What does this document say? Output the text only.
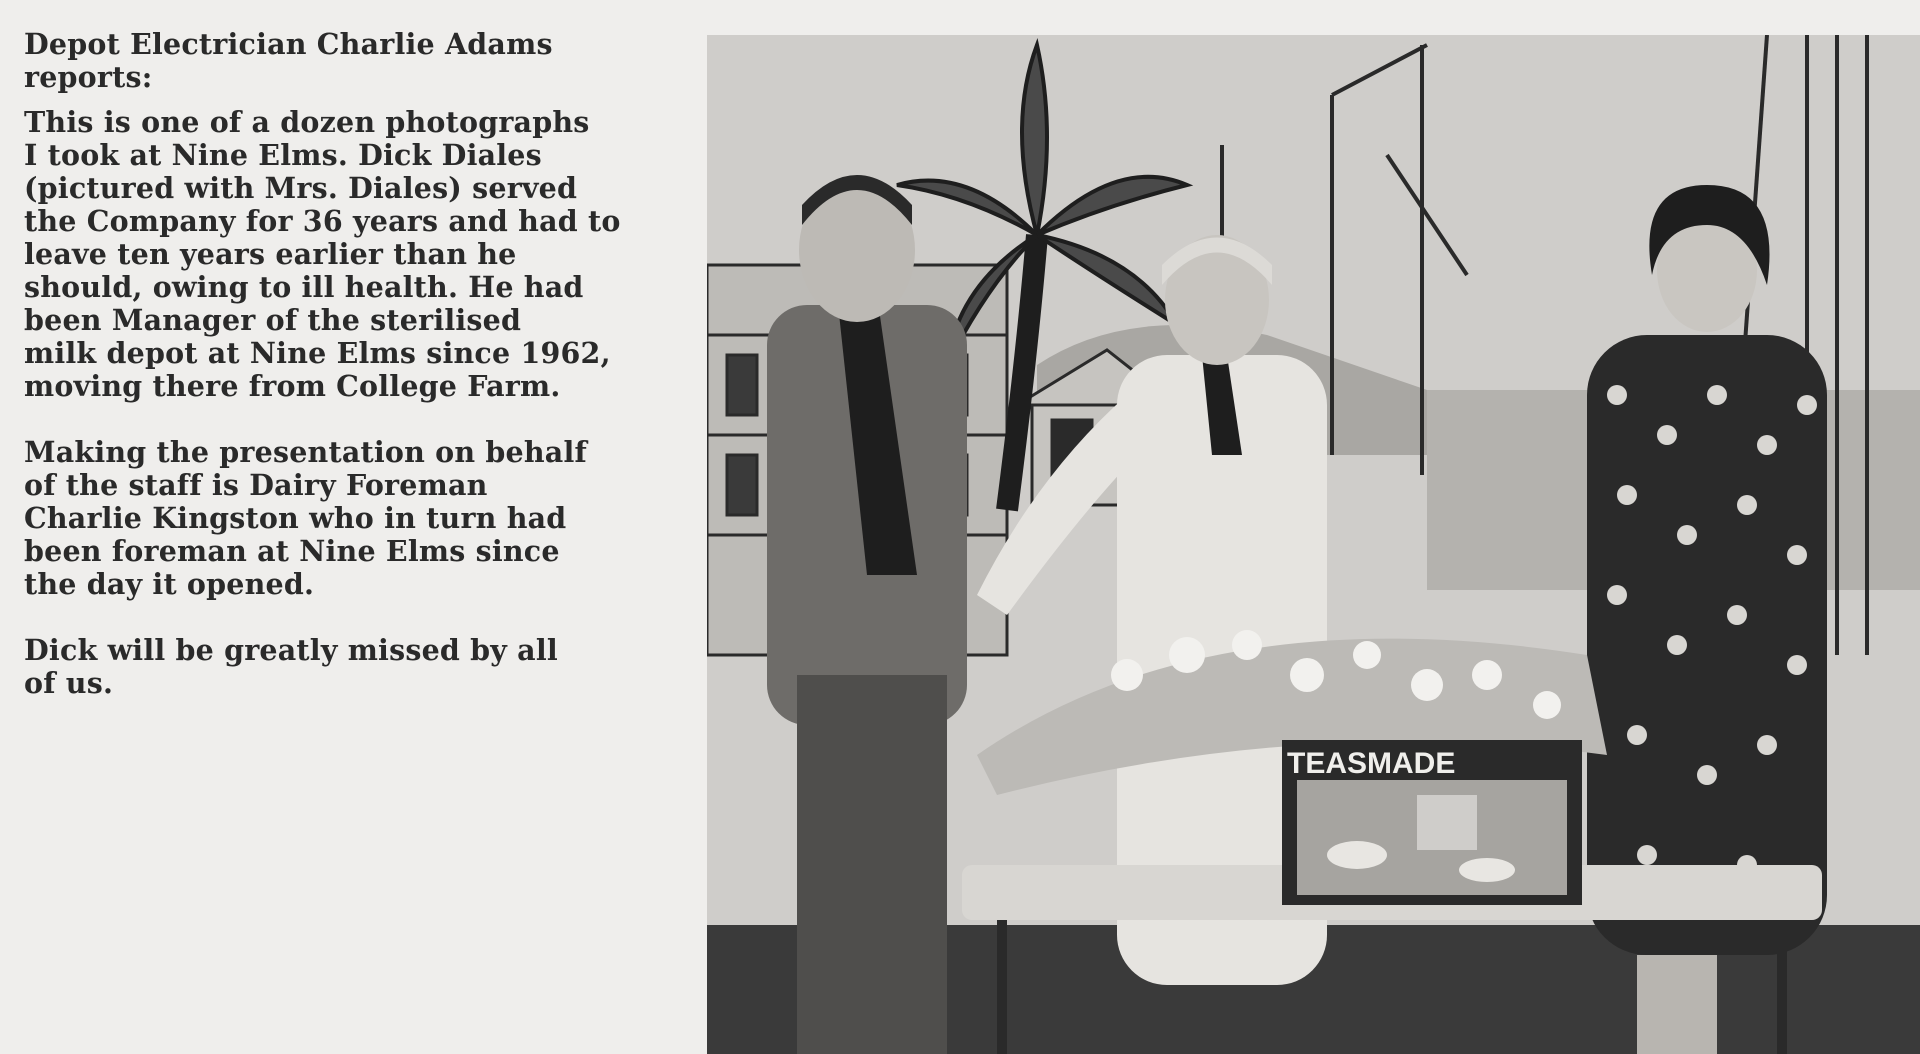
Depot Electrician Charlie Adams
reports:

This is one of a dozen photographs
I took at Nine Elms. Dick Diales
(pictured with Mrs. Diales) served
the Company for 36 years and had to
leave ten years earlier than he
should, owing to ill health. He had
been Manager of the sterilised
milk depot at Nine Elms since 1962,
moving there from College Farm.

Making the presentation on behalf
of the staff is Dairy Foreman
Charlie Kingston who in turn had
been foreman at Nine Elms since
the day it opened.

Dick will be greatly missed by all
of us.

TEASMADE
